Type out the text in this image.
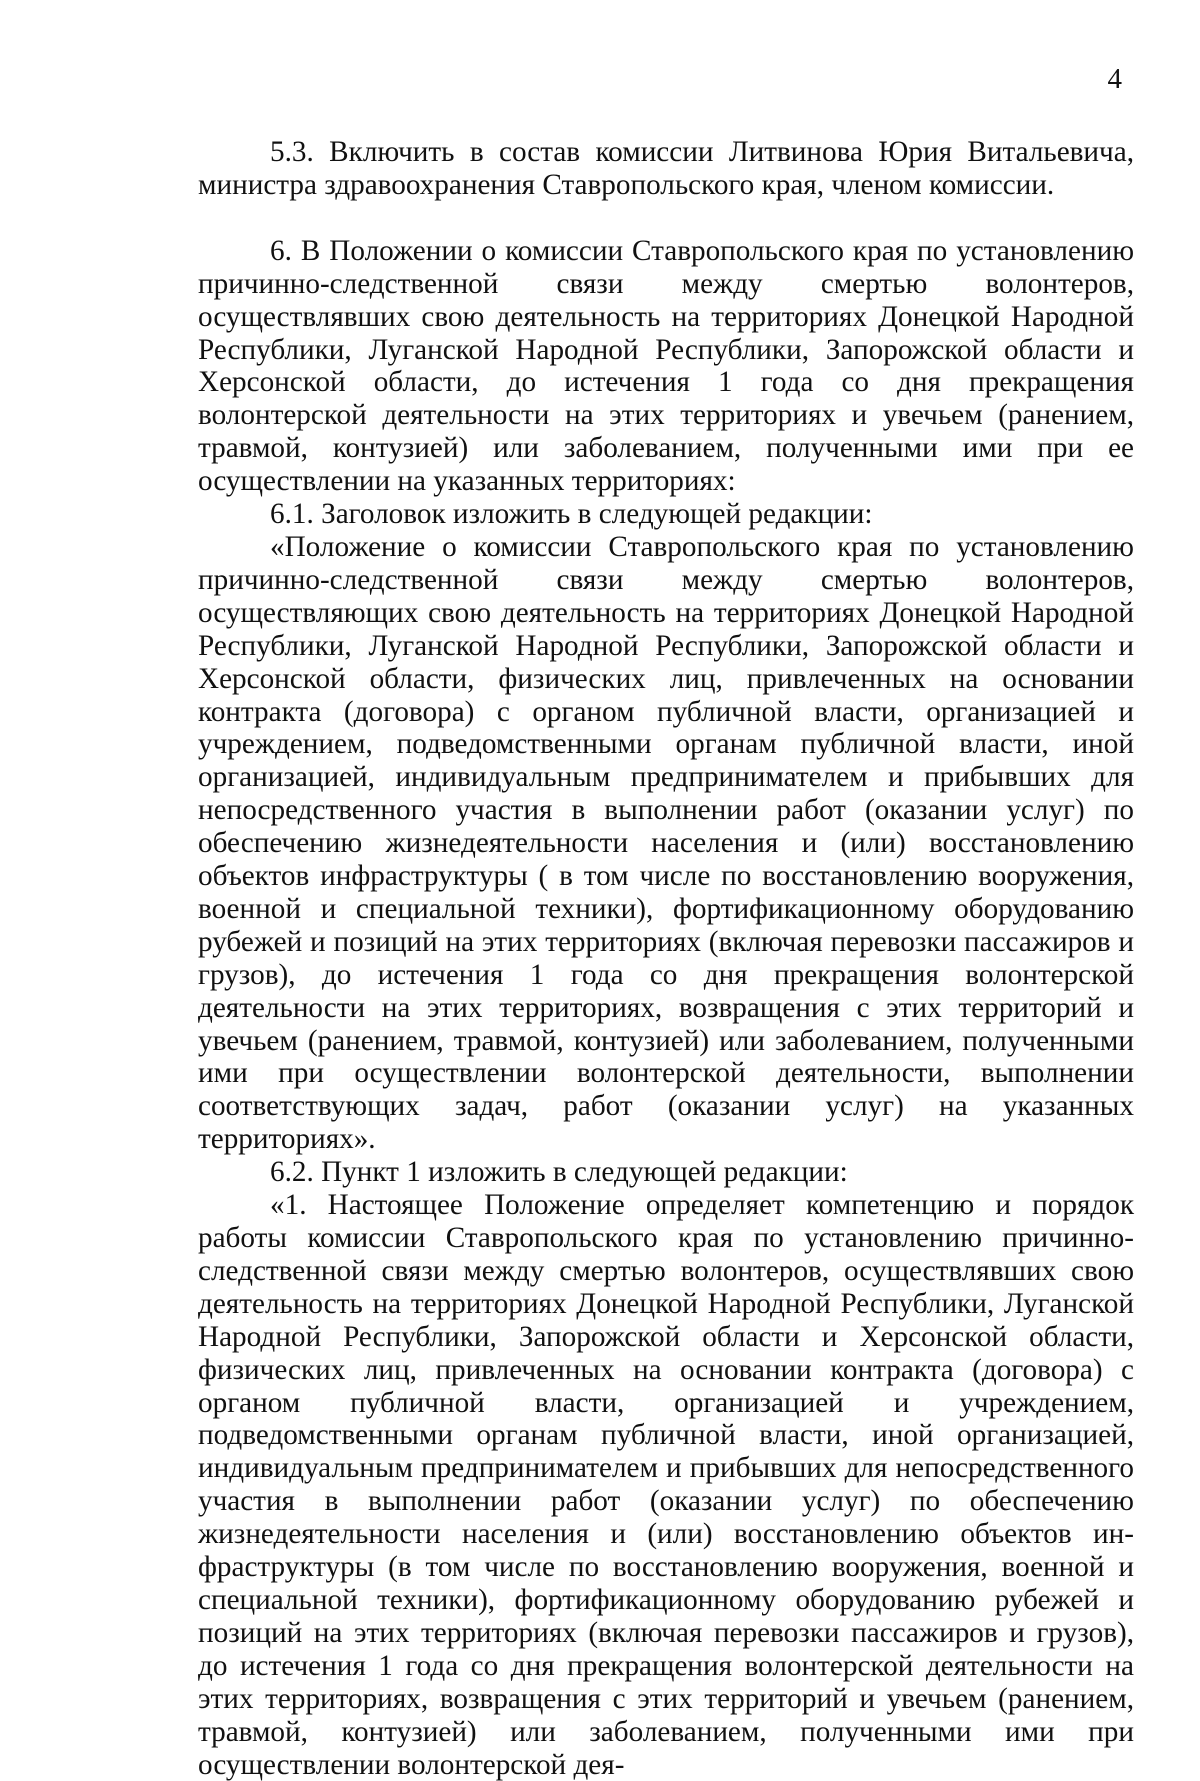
4

5.3. Включить в состав комиссии Литвинова Юрия Витальевича, министра здравоохранения Ставропольского края, членом комиссии.

6. В Положении о комиссии Ставропольского края по установлению причинно-следственной связи между смертью волонтеров, осуществлявших свою деятельность на территориях Донецкой Народной Республики, Луганской Народной Республики, Запорожской области и Херсонской области, до истечения 1 года со дня прекращения волонтерской деятельности на этих территориях и увечьем (ранением, травмой, контузией) или заболеванием, полученными ими при ее осуществлении на указанных территориях:

6.1. Заголовок изложить в следующей редакции:

«Положение о комиссии Ставропольского края по установлению причинно-следственной связи между смертью волонтеров, осуществляющих свою деятельность на территориях Донецкой Народной Республики, Луганской Народной Республики, Запорожской области и Херсонской области, физических лиц, привлеченных на основании контракта (договора) с органом публичной власти, организацией и учреждением, подведомственными органам публичной власти, иной организацией, индивидуальным предпринимателем и прибывших для непосредственного участия в выполнении работ (оказании услуг) по обеспечению жизнедеятельности населения и (или) восстановлению объектов инфраструктуры ( в том числе по восстановлению вооружения, военной и специальной техники), фортификационному оборудованию рубежей и позиций на этих территориях (включая перевозки пассажиров и грузов), до истечения 1 года со дня прекращения волонтерской деятельности на этих территориях, возвращения с этих территорий и увечьем (ранением, травмой, контузией) или заболеванием, полученными ими при осуществлении волонтерской деятельности, выполнении соответствующих задач, работ (оказании услуг) на указанных территориях».

6.2. Пункт 1 изложить в следующей редакции:

«1. Настоящее Положение определяет компетенцию и порядок работы комиссии Ставропольского края по установлению причинно-следственной связи между смертью волонтеров, осуществлявших свою деятельность на территориях Донецкой Народной Республики, Луганской Народной Республики, Запорожской области и Херсонской области, физических лиц, привлеченных на основании контракта (договора) с органом публичной власти, организацией и учреждением, подведомственными органам публичной власти, иной организацией, индивидуальным предпринимателем и прибывших для непосредственного участия в выполнении работ (оказании услуг) по обеспечению жизнедеятельности населения и (или) восстановлению объектов инфраструктуры (в том числе по восстановлению вооружения, военной и специальной техники), фортификационному оборудованию рубежей и позиций на этих территориях (включая перевозки пассажиров и грузов), до истечения 1 года со дня прекращения волонтерской деятельности на этих территориях, возвращения с этих территорий и увечьем (ранением, травмой, контузией) или заболеванием, полученными ими при осуществлении волонтерской дея-
